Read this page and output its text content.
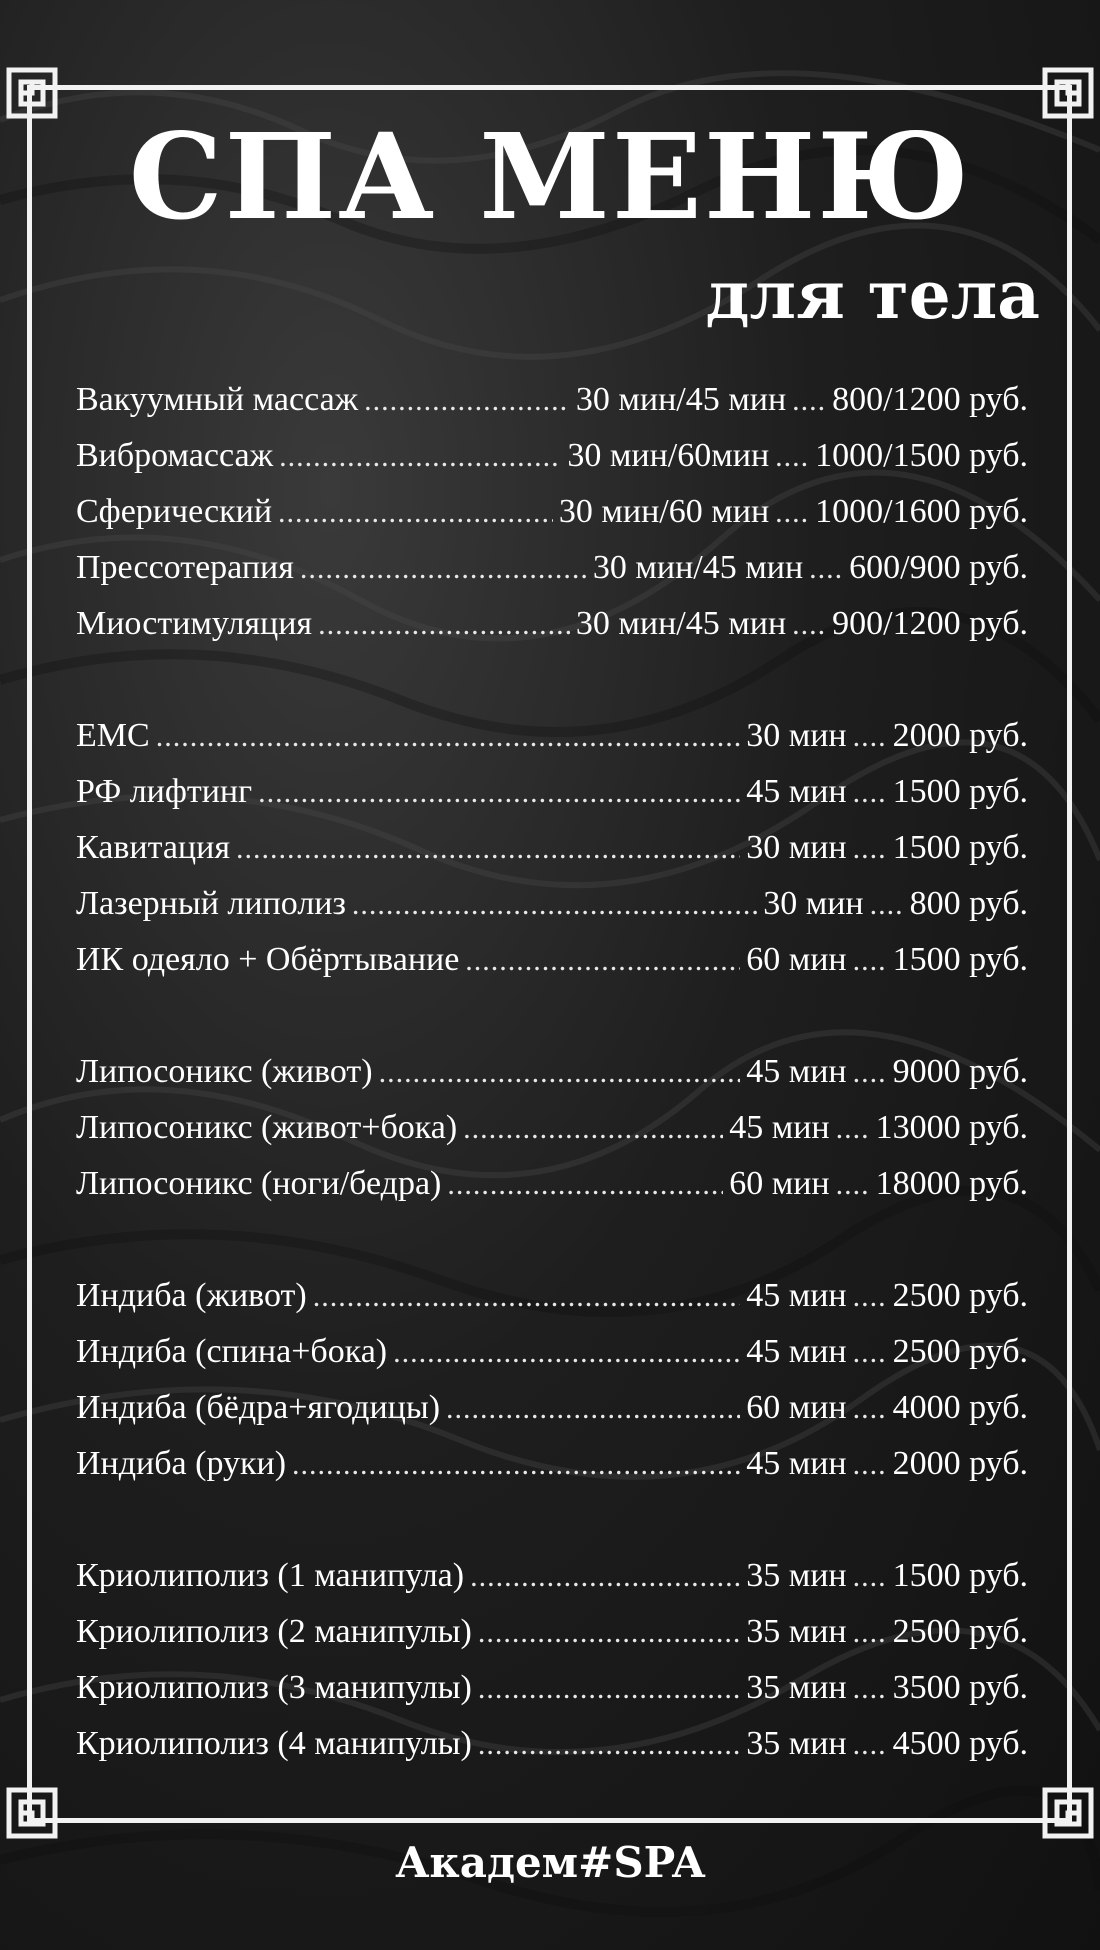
СПА МЕНЮ
для тела
Вакуумный массаж .....	30 мин/45 мин .... 800/1200 руб.
Вибромассаж .....	30 мин/60мин .... 1000/1500 руб.
Сферический .....	30 мин/60 мин .... 1000/1600 руб.
Прессотерапия .....	30 мин/45 мин .... 600/900 руб.
Миостимуляция .....	30 мин/45 мин .... 900/1200 руб.
EMC .....	30 мин .... 2000 руб.
РФ лифтинг .....	45 мин .... 1500 руб.
Кавитация .....	30 мин .... 1500 руб.
Лазерный липолиз .....	30 мин .... 800 руб.
ИК одеяло + Обёртывание .....	60 мин .... 1500 руб.
Липосоникс (живот) .....	45 мин .... 9000 руб.
Липосоникс (живот+бока) .....	45 мин .... 13000 руб.
Липосоникс (ноги/бедра) .....	60 мин .... 18000 руб.
Индиба (живот) .....	45 мин .... 2500 руб.
Индиба (спина+бока) .....	45 мин .... 2500 руб.
Индиба (бёдра+ягодицы) .....	60 мин .... 4000 руб.
Индиба (руки) .....	45 мин .... 2000 руб.
Криолиполиз (1 манипула) .....	35 мин .... 1500 руб.
Криолиполиз (2 манипулы) .....	35 мин .... 2500 руб.
Криолиполиз (3 манипулы) .....	35 мин .... 3500 руб.
Криолиполиз (4 манипулы) .....	35 мин .... 4500 руб.
Академ#SPA
